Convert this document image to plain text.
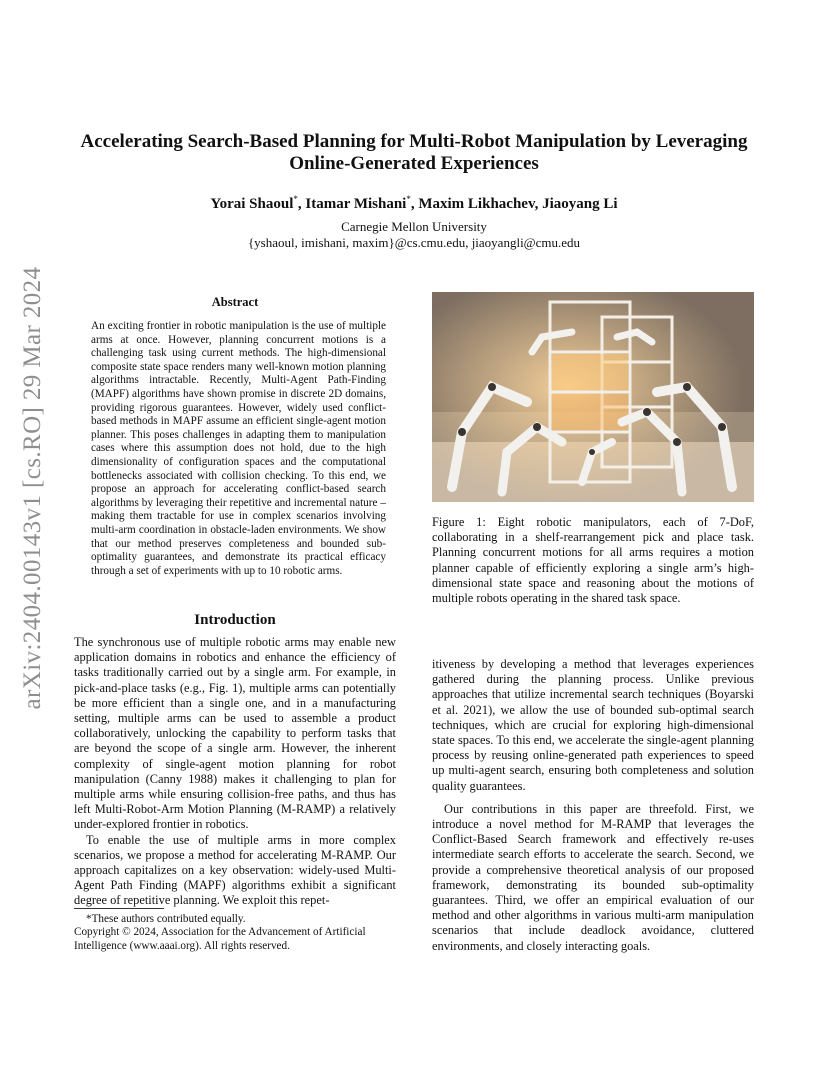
arXiv:2404.00143v1 [cs.RO] 29 Mar 2024
Accelerating Search-Based Planning for Multi-Robot Manipulation by Leveraging Online-Generated Experiences
Yorai Shaoul*, Itamar Mishani*, Maxim Likhachev, Jiaoyang Li
Carnegie Mellon University
{yshaoul, imishani, maxim}@cs.cmu.edu, jiaoyangli@cmu.edu
Abstract
An exciting frontier in robotic manipulation is the use of multiple arms at once. However, planning concurrent motions is a challenging task using current methods. The high-dimensional composite state space renders many well-known motion planning algorithms intractable. Recently, Multi-Agent Path-Finding (MAPF) algorithms have shown promise in discrete 2D domains, providing rigorous guarantees. However, widely used conflict-based methods in MAPF assume an efficient single-agent motion planner. This poses challenges in adapting them to manipulation cases where this assumption does not hold, due to the high dimensionality of configuration spaces and the computational bottlenecks associated with collision checking. To this end, we propose an approach for accelerating conflict-based search algorithms by leveraging their repetitive and incremental nature – making them tractable for use in complex scenarios involving multi-arm coordination in obstacle-laden environments. We show that our method preserves completeness and bounded sub-optimality guarantees, and demonstrate its practical efficacy through a set of experiments with up to 10 robotic arms.
Introduction

The synchronous use of multiple robotic arms may enable new application domains in robotics and enhance the efficiency of tasks traditionally carried out by a single arm. For example, in pick-and-place tasks (e.g., Fig. 1), multiple arms can potentially be more efficient than a single one, and in a manufacturing setting, multiple arms can be used to assemble a product collaboratively, unlocking the capability to perform tasks that are beyond the scope of a single arm. However, the inherent complexity of single-agent motion planning for robot manipulation (Canny 1988) makes it challenging to plan for multiple arms while ensuring collision-free paths, and thus has left Multi-Robot-Arm Motion Planning (M-RAMP) a relatively under-explored frontier in robotics.

To enable the use of multiple arms in more complex scenarios, we propose a method for accelerating M-RAMP. Our approach capitalizes on a key observation: widely-used Multi-Agent Path Finding (MAPF) algorithms exhibit a significant degree of repetitive planning. We exploit this repet-

*These authors contributed equally.

Copyright © 2024, Association for the Advancement of Artificial Intelligence (www.aaai.org). All rights reserved.

Figure 1: Eight robotic manipulators, each of 7-DoF, collaborating in a shelf-rearrangement pick and place task. Planning concurrent motions for all arms requires a motion planner capable of efficiently exploring a single arm’s high-dimensional state space and reasoning about the motions of multiple robots operating in the shared task space.

itiveness by developing a method that leverages experiences gathered during the planning process. Unlike previous approaches that utilize incremental search techniques (Boyarski et al. 2021), we allow the use of bounded sub-optimal search techniques, which are crucial for exploring high-dimensional state spaces. To this end, we accelerate the single-agent planning process by reusing online-generated path experiences to speed up multi-agent search, ensuring both completeness and solution quality guarantees.

Our contributions in this paper are threefold. First, we introduce a novel method for M-RAMP that leverages the Conflict-Based Search framework and effectively re-uses intermediate search efforts to accelerate the search. Second, we provide a comprehensive theoretical analysis of our proposed framework, demonstrating its bounded sub-optimality guarantees. Third, we offer an empirical evaluation of our method and other algorithms in various multi-arm manipulation scenarios that include deadlock avoidance, cluttered environments, and closely interacting goals.
